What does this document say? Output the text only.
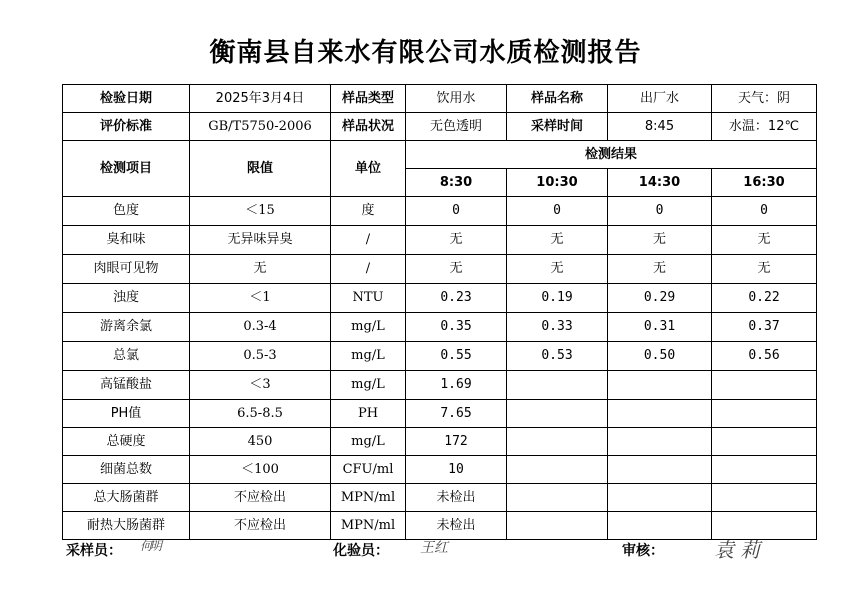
衡南县自来水有限公司水质检测报告
检验日期	2025年3月4日	样品类型	饮用水	样品名称	出厂水	天气：阴
评价标准	GB/T5750-2006	样品状况	无色透明	采样时间	8:45	水温：12℃
检测项目	限值	单位	检测结果			
			8:30	10:30	14:30	16:30
色度	＜15	度	0	0	0	0
臭和味	无异味异臭	/	无	无	无	无
肉眼可见物	无	/	无	无	无	无
浊度	＜1	NTU	0.23	0.19	0.29	0.22
游离余氯	0.3-4	mg/L	0.35	0.33	0.31	0.37
总氯	0.5-3	mg/L	0.55	0.53	0.50	0.56
高锰酸盐	＜3	mg/L	1.69			
PH值	6.5-8.5	PH	7.65			
总硬度	450	mg/L	172			
细菌总数	＜100	CFU/ml	10			
总大肠菌群	不应检出	MPN/ml	未检出			
耐热大肠菌群	不应检出	MPN/ml	未检出			
采样员： 何明	化验员： 王红	审核：	袁莉
